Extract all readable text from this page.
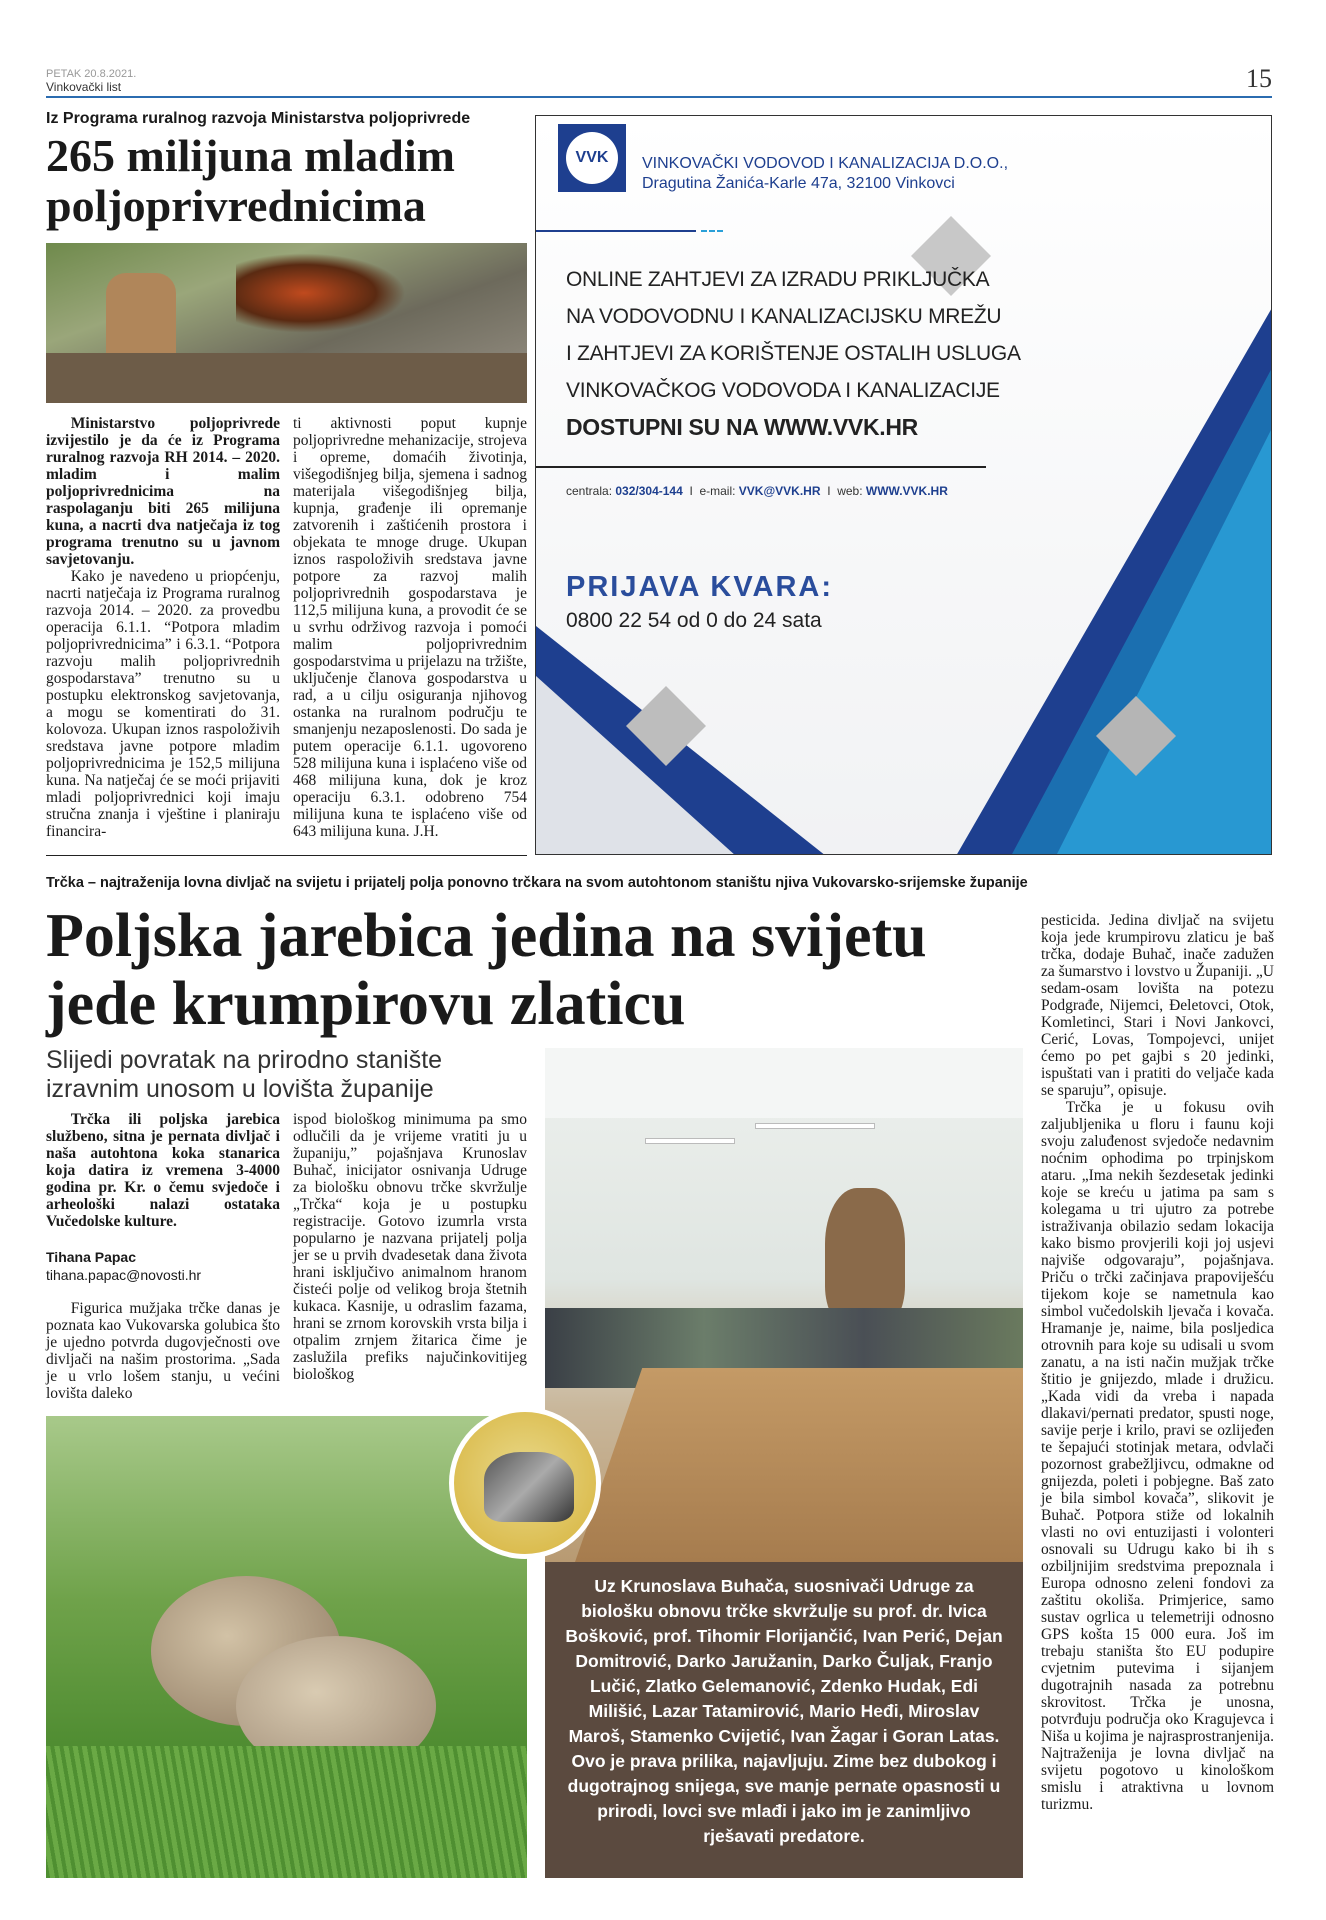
PETAK 20.8.2021.
Vinkovački list	15
Iz Programa ruralnog razvoja Ministarstva poljoprivrede
265 milijuna mladim poljoprivrednicima

Ministarstvo poljoprivrede izvijestilo je da će iz Programa ruralnog razvoja RH 2014. – 2020. mladim i malim poljoprivrednicima na raspolaganju biti 265 milijuna kuna, a nacrti dva natječaja iz tog programa trenutno su u javnom savjetovanju.

Kako je navedeno u priopćenju, nacrti natječaja iz Programa ruralnog razvoja 2014. – 2020. za provedbu operacija 6.1.1. “Potpora mladim poljoprivrednicima” i 6.3.1. “Potpora razvoju malih poljoprivrednih gospodarstava” trenutno su u postupku elektronskog savjetovanja, a mogu se komentirati do 31. kolovoza. Ukupan iznos raspoloživih sredstava javne potpore mladim poljoprivrednicima je 152,5 milijuna kuna. Na natječaj će se moći prijaviti mladi poljoprivrednici koji imaju stručna znanja i vještine i planiraju financira-

ti aktivnosti poput kupnje poljoprivredne mehanizacije, strojeva i opreme, domaćih životinja, višegodišnjeg bilja, sjemena i sadnog materijala višegodišnjeg bilja, kupnja, građenje ili opremanje zatvorenih i zaštićenih prostora i objekata te mnoge druge. Ukupan iznos raspoloživih sredstava javne potpore za razvoj malih poljoprivrednih gospodarstava je 112,5 milijuna kuna, a provodit će se u svrhu održivog razvoja i pomoći malim poljoprivrednim gospodarstvima u prijelazu na tržište, uključenje članova gospodarstva u rad, a u cilju osiguranja njihovog ostanka na ruralnom području te smanjenju nezaposlenosti. Do sada je putem operacije 6.1.1. ugovoreno 528 milijuna kuna i isplaćeno više od 468 milijuna kuna, dok je kroz operaciju 6.3.1. odobreno 754 milijuna kuna te isplaćeno više od 643 milijuna kuna. J.H.

VVK	VINKOVAČKI VODOVOD I KANALIZACIJA D.O.O.,
Dragutina Žanića-Karle 47a, 32100 Vinkovci
ONLINE ZAHTJEVI ZA IZRADU PRIKLJUČKA
NA VODOVODNU I KANALIZACIJSKU MREŽU
I ZAHTJEVI ZA KORIŠTENJE OSTALIH USLUGA
VINKOVAČKOG VODOVODA I KANALIZACIJE
DOSTUPNI SU NA WWW.VVK.HR
centrala: 032/304-144 I e-mail: VVK@VVK.HR I web: WWW.VVK.HR
PRIJAVA KVARA:
0800 22 54 od 0 do 24 sata
Trčka – najtraženija lovna divljač na svijetu i prijatelj polja ponovno trčkara na svom autohtonom staništu njiva Vukovarsko-srijemske županije
Poljska jarebica jedina na svijetu jede krumpirovu zlaticu
Slijedi povratak na prirodno stanište izravnim unosom u lovišta županije

Trčka ili poljska jarebica službeno, sitna je pernata divljač i naša autohtona koka stanarica koja datira iz vremena 3-4000 godina pr. Kr. o čemu svjedoče i arheološki nalazi ostataka Vučedolske kulture.

Tihana Papac
tihana.papac@novosti.hr

Figurica mužjaka trčke danas je poznata kao Vukovarska golubica što je ujedno potvrda dugovječnosti ove divljači na našim prostorima. „Sada je u vrlo lošem stanju, u većini lovišta daleko

ispod biološkog minimuma pa smo odlučili da je vrijeme vratiti ju u županiju,” pojašnjava Krunoslav Buhač, inicijator osnivanja Udruge za biološku obnovu trčke skvržulje „Trčka“ koja je u postupku registracije. Gotovo izumrla vrsta popularno je nazvana prijatelj polja jer se u prvih dvadesetak dana života hrani isključivo animalnom hranom čisteći polje od velikog broja štetnih kukaca. Kasnije, u odraslim fazama, hrani se zrnom korovskih vrsta bilja i otpalim zrnjem žitarica čime je zaslužila prefiks najučinkovitijeg biološkog

Uz Krunoslava Buhača, suosnivači Udruge za biološku obnovu trčke skvržulje su prof. dr. Ivica Bošković, prof. Tihomir Florijančić, Ivan Perić, Dejan Domitrović, Darko Jaružanin, Darko Čuljak, Franjo Lučić, Zlatko Gelemanović, Zdenko Hudak, Edi Milišić, Lazar Tatamirović, Mario Heđi, Miroslav Maroš, Stamenko Cvijetić, Ivan Žagar i Goran Latas. Ovo je prava prilika, najavljuju. Zime bez dubokog i dugotrajnog snijega, sve manje pernate opasnosti u prirodi, lovci sve mlađi i jako im je zanimljivo rješavati predatore.

pesticida. Jedina divljač na svijetu koja jede krumpirovu zlaticu je baš trčka, dodaje Buhač, inače zadužen za šumarstvo i lovstvo u Županiji. „U sedam-osam lovišta na potezu Podgrađe, Nijemci, Đeletovci, Otok, Komletinci, Stari i Novi Jankovci, Cerić, Lovas, Tompojevci, unijet ćemo po pet gajbi s 20 jedinki, ispuštati van i pratiti do veljače kada se sparuju”, opisuje.

Trčka je u fokusu ovih zaljubljenika u floru i faunu koji svoju zaluđenost svjedoče nedavnim noćnim ophodima po trpinjskom ataru. „Ima nekih šezdesetak jedinki koje se kreću u jatima pa sam s kolegama u tri ujutro za potrebe istraživanja obilazio sedam lokacija kako bismo provjerili koji joj usjevi najviše odgovaraju”, pojašnjava. Priču o trčki začinjava prapoviješću tijekom koje se nametnula kao simbol vučedolskih ljevača i kovača. Hramanje je, naime, bila posljedica otrovnih para koje su udisali u svom zanatu, a na isti način mužjak trčke štitio je gnijezdo, mlade i družicu. „Kada vidi da vreba i napada dlakavi/pernati predator, spusti noge, savije perje i krilo, pravi se ozlijeđen te šepajući stotinjak metara, odvlači pozornost grabežljivcu, odmakne od gnijezda, poleti i pobjegne. Baš zato je bila simbol kovača”, slikovit je Buhač. Potpora stiže od lokalnih vlasti no ovi entuzijasti i volonteri osnovali su Udrugu kako bi ih s ozbiljnijim sredstvima prepoznala i Europa odnosno zeleni fondovi za zaštitu okoliša. Primjerice, samo sustav ogrlica u telemetriji odnosno GPS košta 15 000 eura. Još im trebaju staništa što EU podupire cvjetnim putevima i sijanjem dugotrajnih nasada za potrebnu skrovitost. Trčka je unosna, potvrđuju područja oko Kragujevca i Niša u kojima je najrasprostranjenija. Najtraženija je lovna divljač na svijetu pogotovo u kinološkom smislu i atraktivna u lovnom turizmu.
